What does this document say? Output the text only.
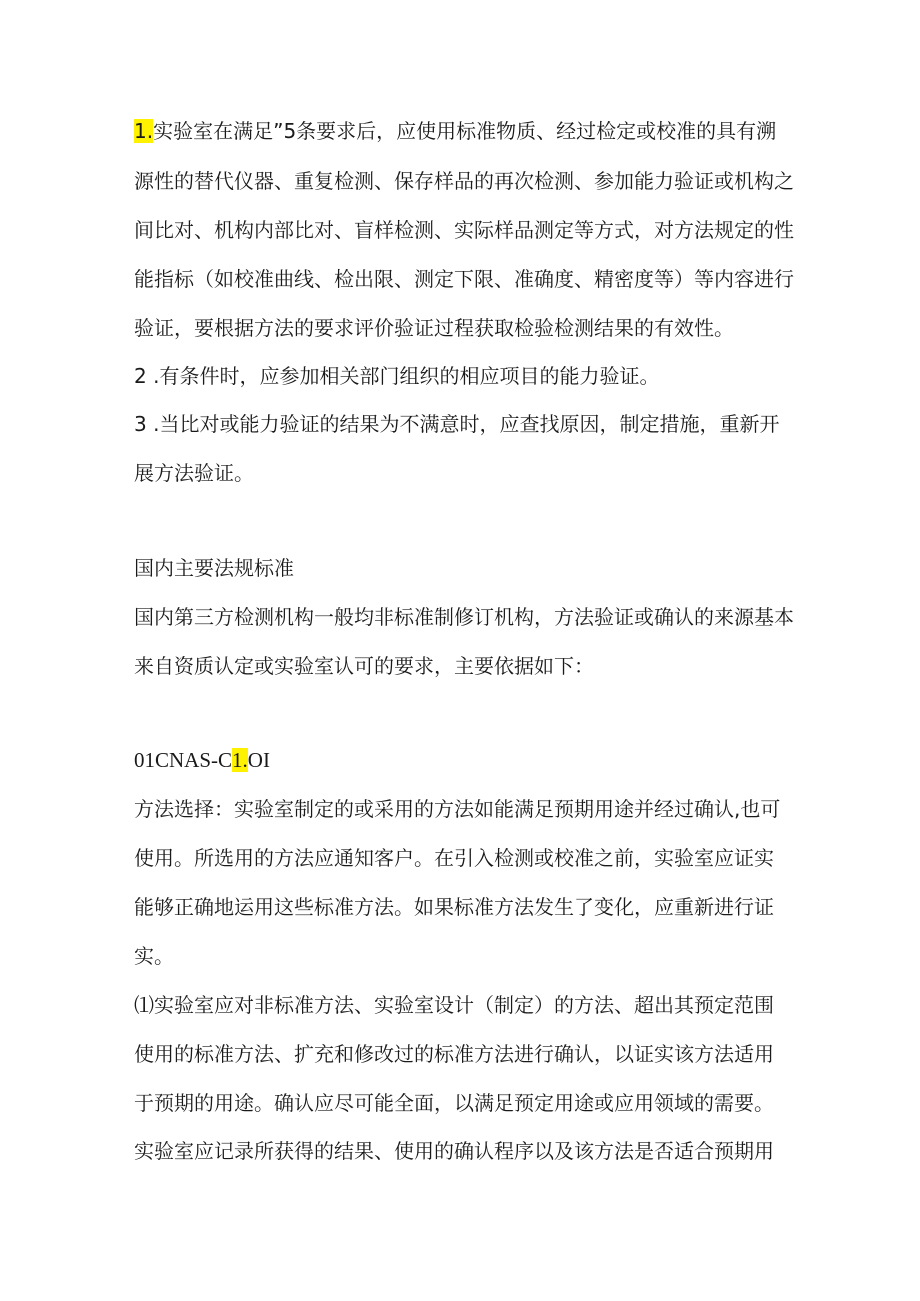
1.实验室在满足”5条要求后，应使用标准物质、经过检定或校准的具有溯
源性的替代仪器、重复检测、保存样品的再次检测、参加能力验证或机构之
间比对、机构内部比对、盲样检测、实际样品测定等方式，对方法规定的性
能指标（如校准曲线、检出限、测定下限、准确度、精密度等）等内容进行
验证，要根据方法的要求评价验证过程获取检验检测结果的有效性。
2 .有条件时，应参加相关部门组织的相应项目的能力验证。
3 .当比对或能力验证的结果为不满意时，应查找原因，制定措施，重新开
展方法验证。
国内主要法规标准
国内第三方检测机构一般均非标准制修订机构，方法验证或确认的来源基本
来自资质认定或实验室认可的要求，主要依据如下：
01CNAS-C1.OI
方法选择：实验室制定的或采用的方法如能满足预期用途并经过确认,也可
使用。所选用的方法应通知客户。在引入检测或校准之前，实验室应证实
能够正确地运用这些标准方法。如果标准方法发生了变化，应重新进行证
实。
⑴实验室应对非标准方法、实验室设计（制定）的方法、超出其预定范围
使用的标准方法、扩充和修改过的标准方法进行确认，以证实该方法适用
于预期的用途。确认应尽可能全面，以满足预定用途或应用领域的需要。
实验室应记录所获得的结果、使用的确认程序以及该方法是否适合预期用
